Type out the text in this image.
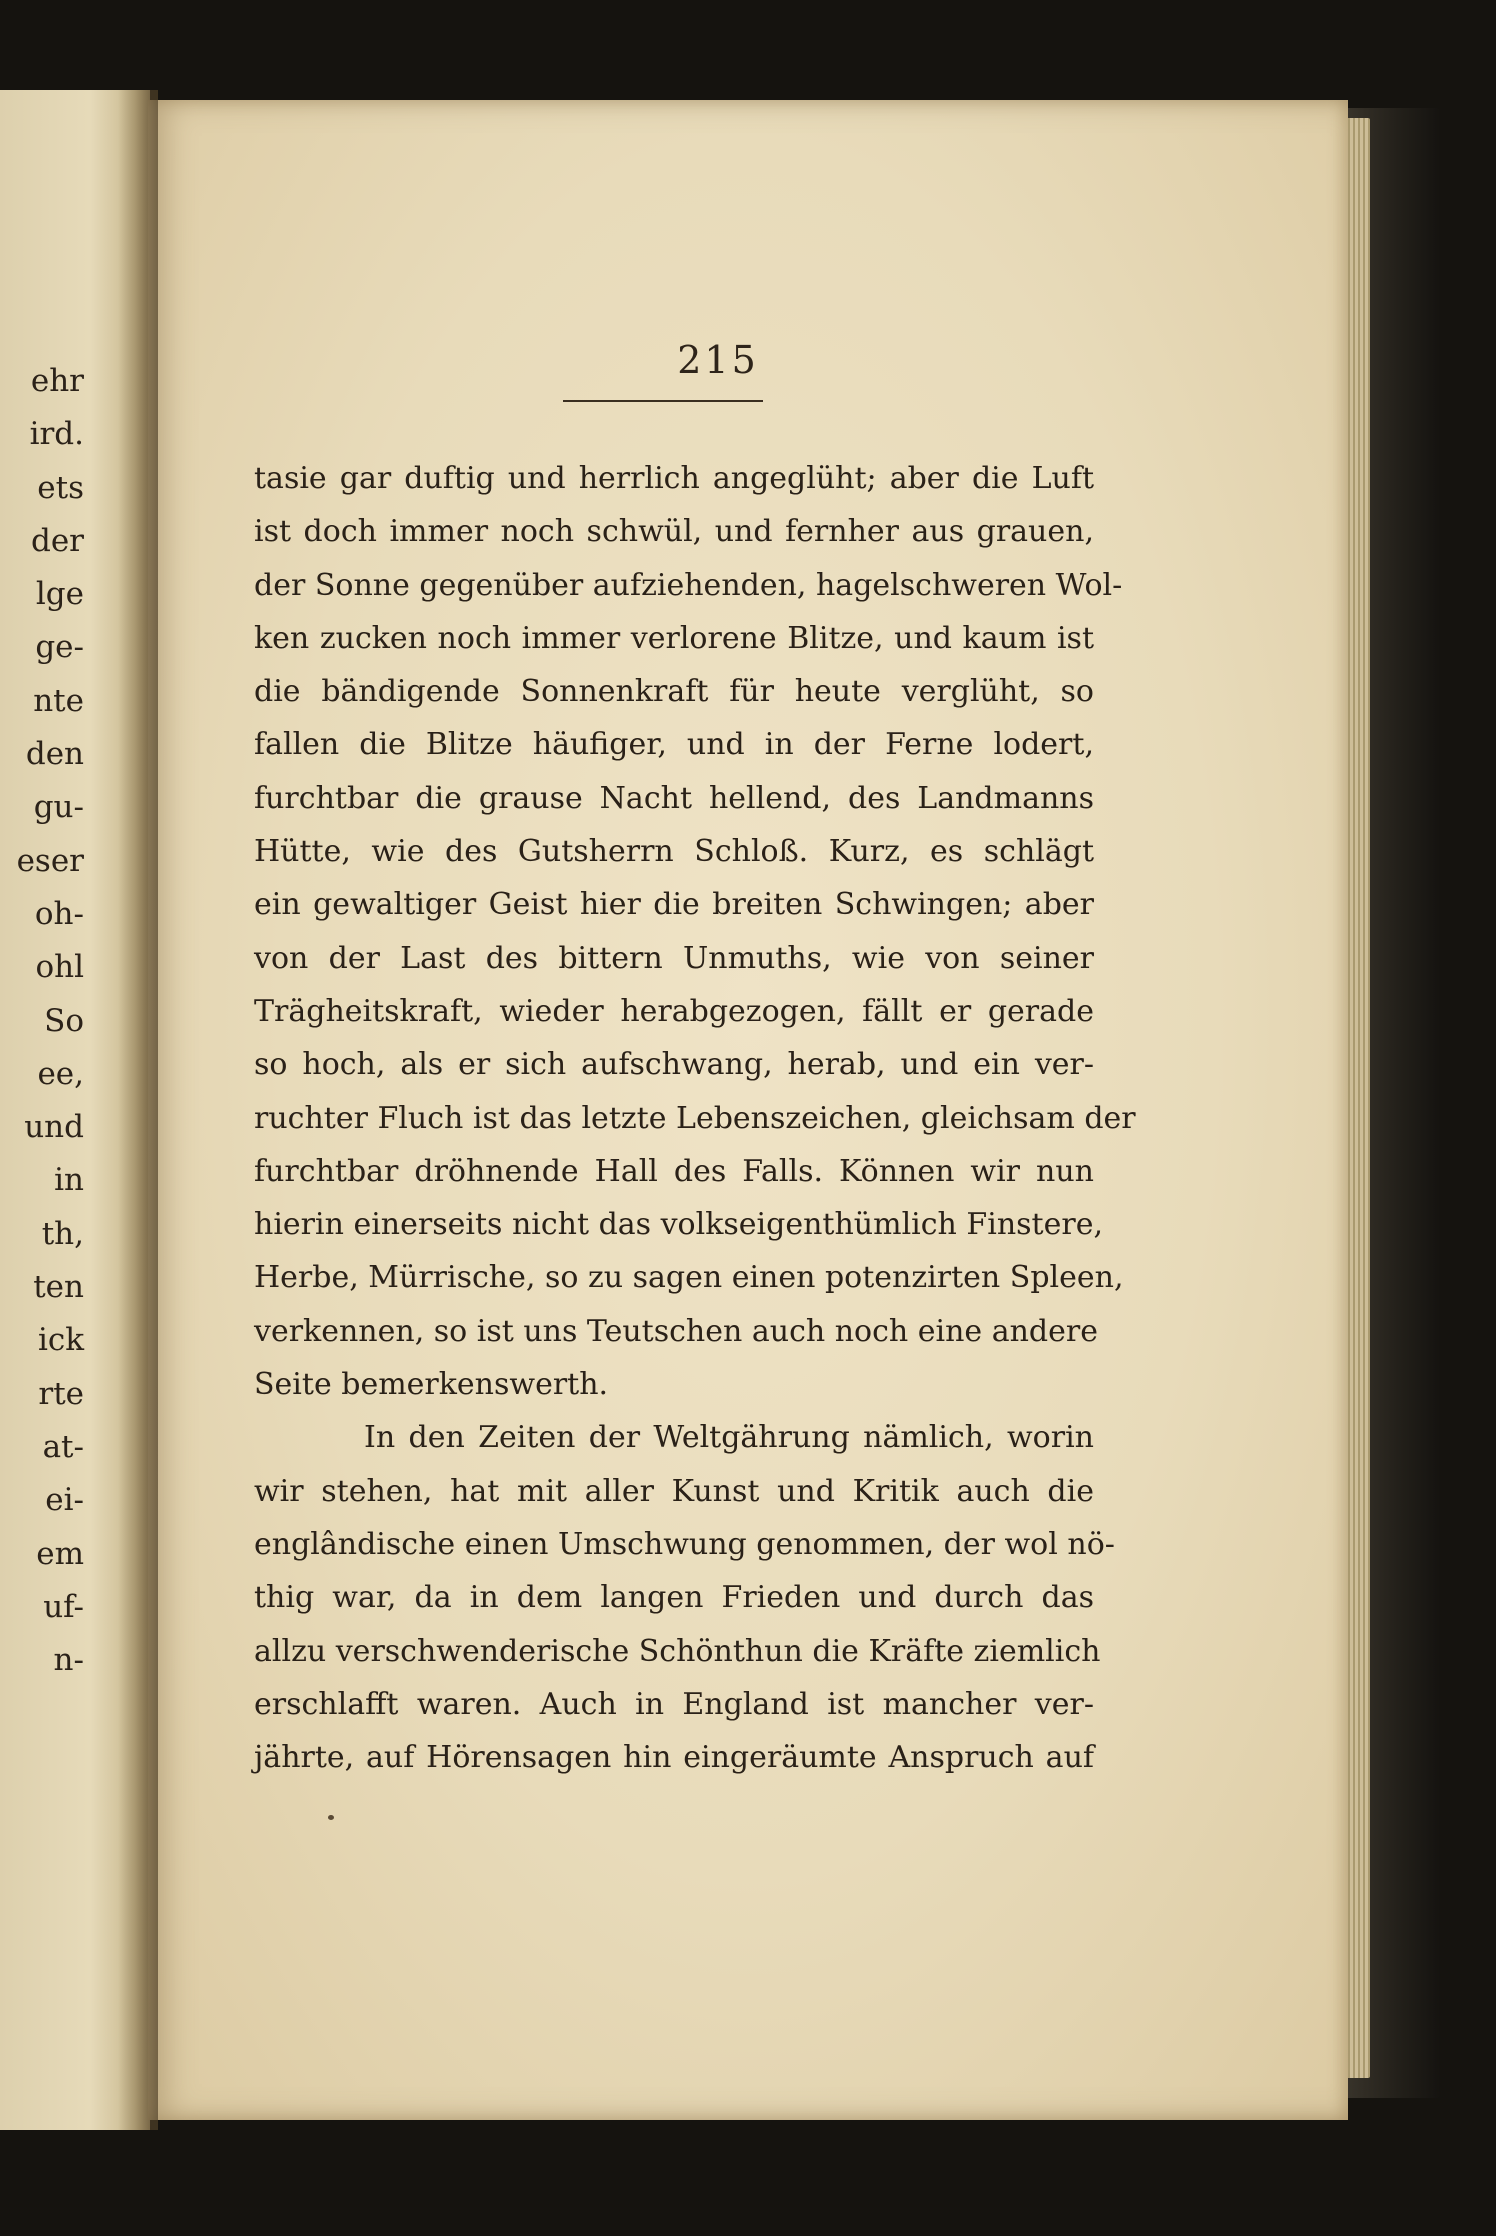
ehr
ird.
ets
der
lge
ge-
nte
den
gu-
eser
oh-
ohl
So
ee,
und
in
th,
ten
ick
rte
at-
ei-
em
uf-
n-
215
tasie gar duftig und herrlich angeglüht; aber die Luft
ist doch immer noch schwül, und fernher aus grauen,
der Sonne gegenüber aufziehenden, hagelschweren Wol-
ken zucken noch immer verlorene Blitze, und kaum ist
die bändigende Sonnenkraft für heute verglüht, so
fallen die Blitze häufiger, und in der Ferne lodert,
furchtbar die grause Nacht hellend, des Landmanns
Hütte, wie des Gutsherrn Schloß. Kurz, es schlägt
ein gewaltiger Geist hier die breiten Schwingen; aber
von der Last des bittern Unmuths, wie von seiner
Trägheitskraft, wieder herabgezogen, fällt er gerade
so hoch, als er sich aufschwang, herab, und ein ver-
ruchter Fluch ist das letzte Lebenszeichen, gleichsam der
furchtbar dröhnende Hall des Falls. Können wir nun
hierin einerseits nicht das volkseigenthümlich Finstere,
Herbe, Mürrische, so zu sagen einen potenzirten Spleen,
verkennen, so ist uns Teutschen auch noch eine andere
Seite bemerkenswerth.
In den Zeiten der Weltgährung nämlich, worin
wir stehen, hat mit aller Kunst und Kritik auch die
englândische einen Umschwung genommen, der wol nö-
thig war, da in dem langen Frieden und durch das
allzu verschwenderische Schönthun die Kräfte ziemlich
erschlafft waren. Auch in England ist mancher ver-
jährte, auf Hörensagen hin eingeräumte Anspruch auf
